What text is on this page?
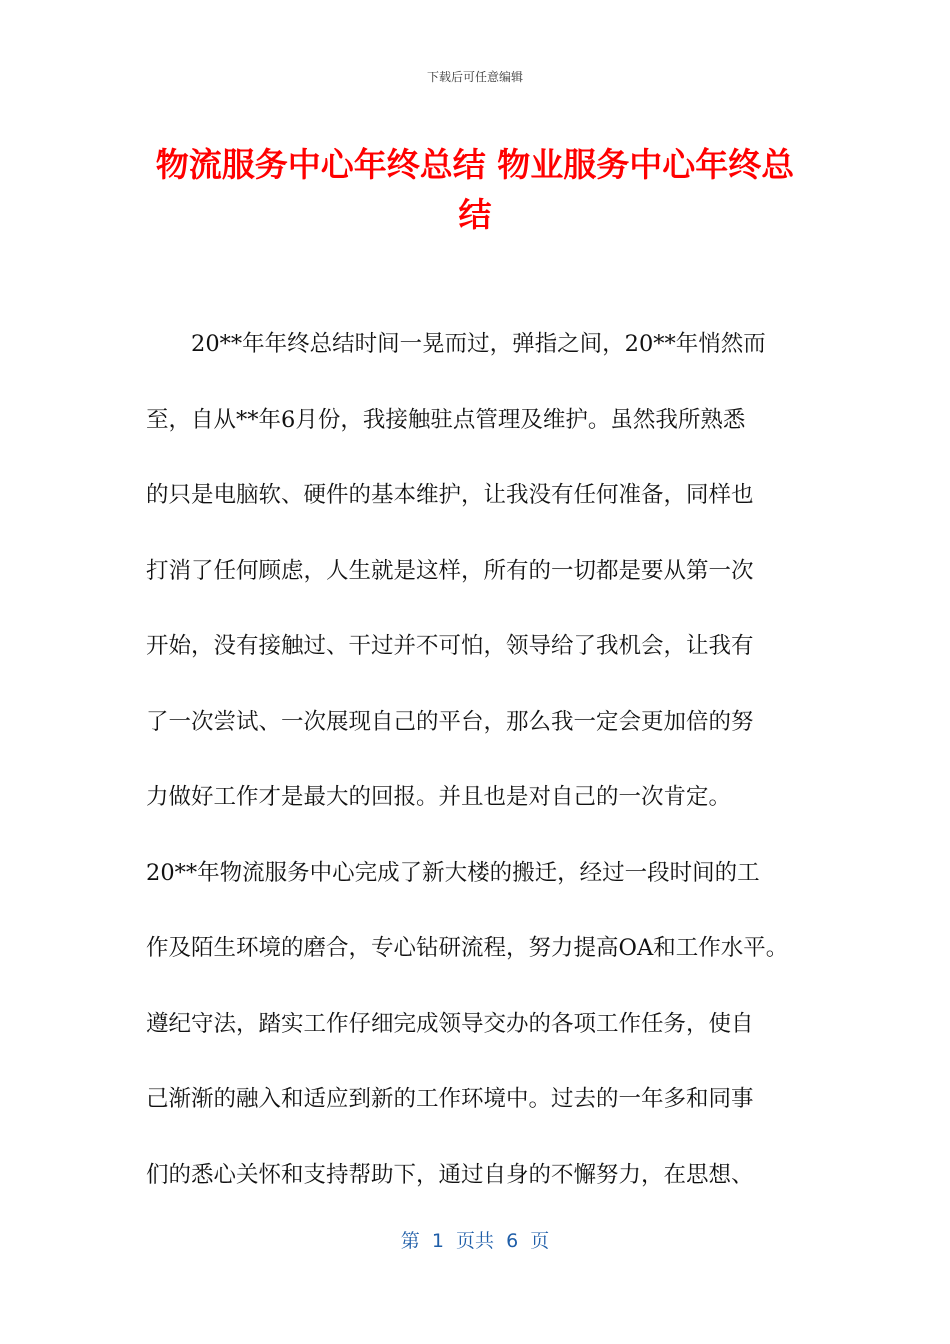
下载后可任意编辑
物流服务中心年终总结 物业服务中心年终总
结
20**年年终总结时间一晃而过，弹指之间，20**年悄然而
至，自从**年6月份，我接触驻点管理及维护。虽然我所熟悉
的只是电脑软、硬件的基本维护，让我没有任何准备，同样也
打消了任何顾虑，人生就是这样，所有的一切都是要从第一次
开始，没有接触过、干过并不可怕，领导给了我机会，让我有
了一次尝试、一次展现自己的平台，那么我一定会更加倍的努
力做好工作才是最大的回报。并且也是对自己的一次肯定。
20**年物流服务中心完成了新大楼的搬迁，经过一段时间的工
作及陌生环境的磨合，专心钻研流程，努力提高OA和工作水平。
遵纪守法，踏实工作仔细完成领导交办的各项工作任务，使自
己渐渐的融入和适应到新的工作环境中。过去的一年多和同事
们的悉心关怀和支持帮助下，通过自身的不懈努力，在思想、
第  1  页共  6  页
